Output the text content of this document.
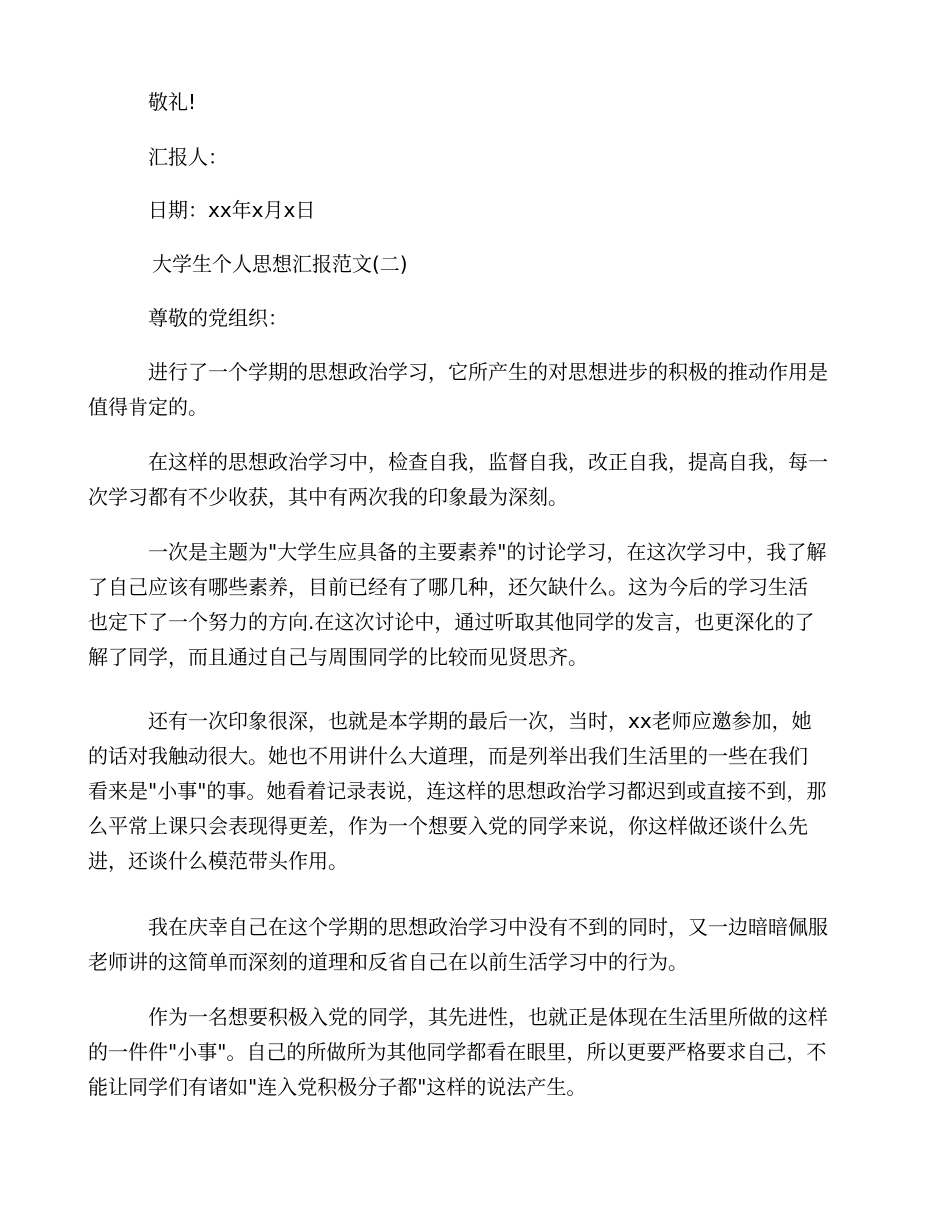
敬礼!

汇报人：

日期：xx年x月x日

大学生个人思想汇报范文(二)

尊敬的党组织：

进行了一个学期的思想政治学习，它所产生的对思想进步的积极的推动作用是
值得肯定的。

在这样的思想政治学习中，检查自我，监督自我，改正自我，提高自我，每一
次学习都有不少收获，其中有两次我的印象最为深刻。

一次是主题为"大学生应具备的主要素养"的讨论学习，在这次学习中，我了解
了自己应该有哪些素养，目前已经有了哪几种，还欠缺什么。这为今后的学习生活
也定下了一个努力的方向.在这次讨论中，通过听取其他同学的发言，也更深化的了
解了同学，而且通过自己与周围同学的比较而见贤思齐。

还有一次印象很深，也就是本学期的最后一次，当时，xx老师应邀参加，她
的话对我触动很大。她也不用讲什么大道理，而是列举出我们生活里的一些在我们
看来是"小事"的事。她看着记录表说，连这样的思想政治学习都迟到或直接不到，那
么平常上课只会表现得更差，作为一个想要入党的同学来说，你这样做还谈什么先
进，还谈什么模范带头作用。

我在庆幸自己在这个学期的思想政治学习中没有不到的同时，又一边暗暗佩服
老师讲的这简单而深刻的道理和反省自己在以前生活学习中的行为。

作为一名想要积极入党的同学，其先进性，也就正是体现在生活里所做的这样
的一件件"小事"。自己的所做所为其他同学都看在眼里，所以更要严格要求自己，不
能让同学们有诸如"连入党积极分子都"这样的说法产生。
